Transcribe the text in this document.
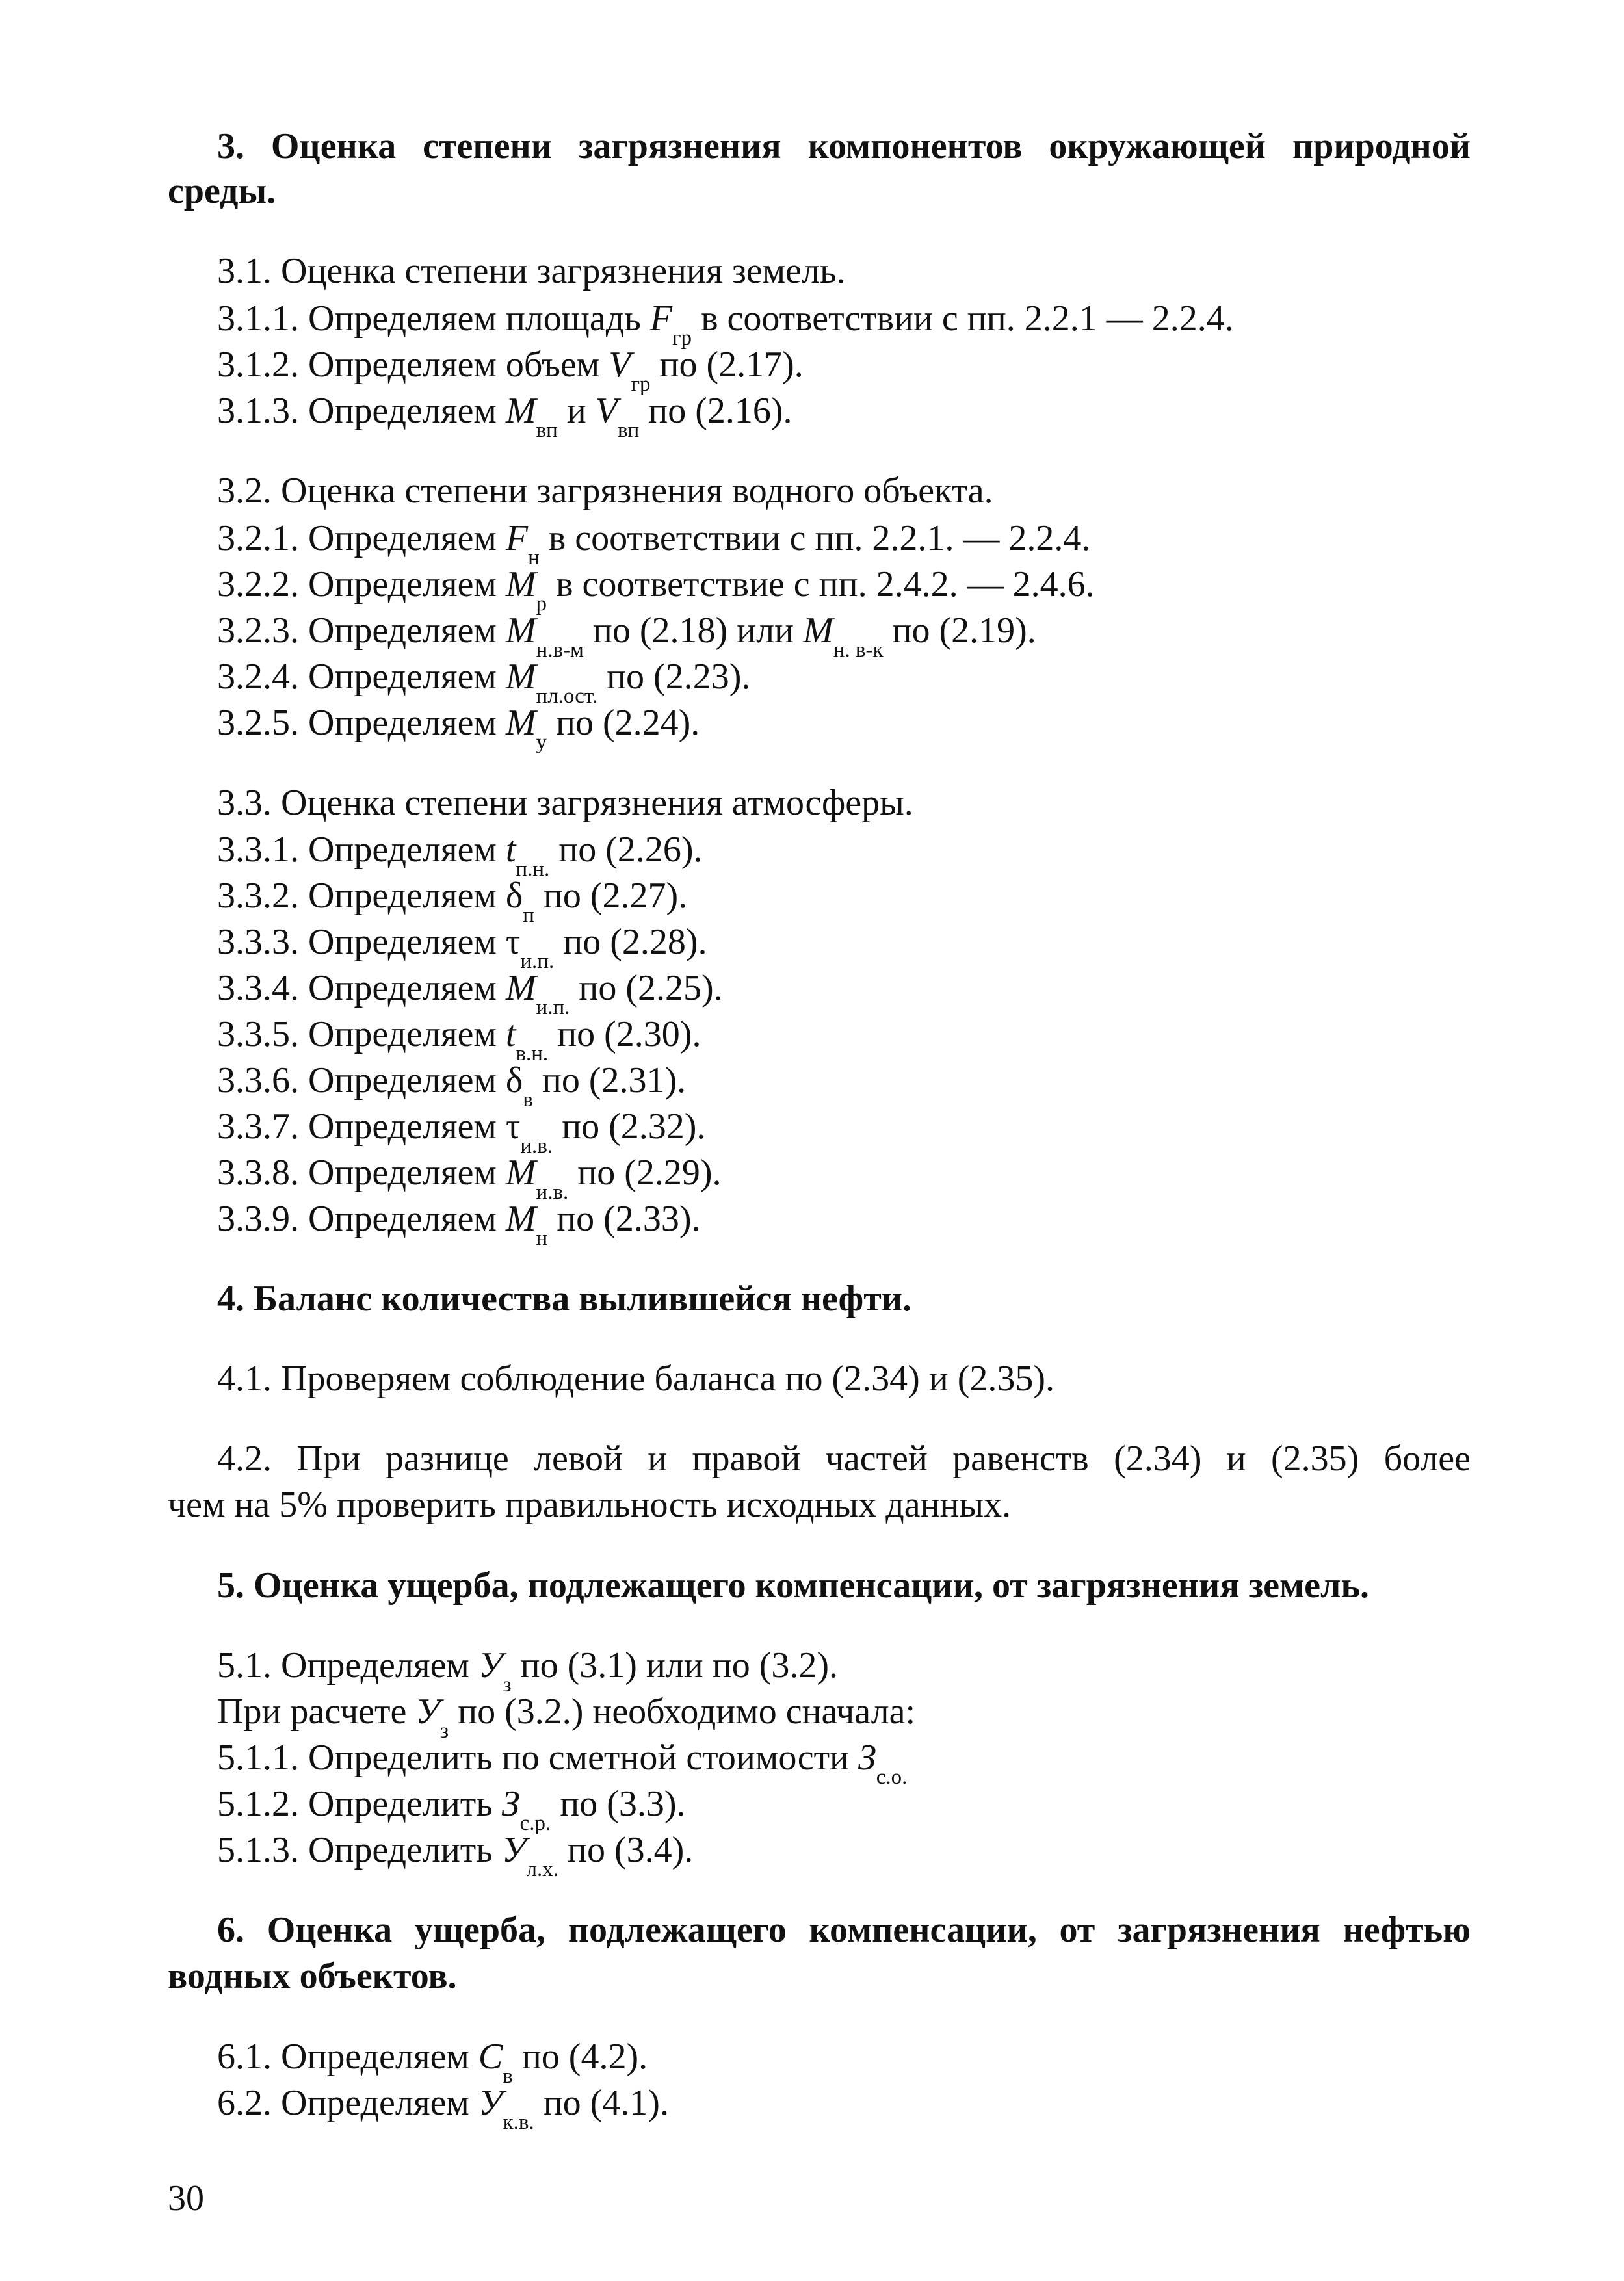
3. Оценка степени загрязнения компонентов окружающей природной
среды.
3.1. Оценка степени загрязнения земель.
3.1.1. Определяем площадь $F_{гр}$ в соответствии с пп. 2.2.1 — 2.2.4.
3.1.2. Определяем объем $V_{гр}$ по (2.17).
3.1.3. Определяем $M_{вп}$ и $V_{вп}$ по (2.16).
3.2. Оценка степени загрязнения водного объекта.
3.2.1. Определяем $F_н$ в соответствии с пп. 2.2.1. — 2.2.4.
3.2.2. Определяем $M_р$ в соответствие с пп. 2.4.2. — 2.4.6.
3.2.3. Определяем $M_{н.в-м}$ по (2.18) или $M_{н. в-к}$ по (2.19).
3.2.4. Определяем $M_{пл.ост.}$ по (2.23).
3.2.5. Определяем $M_у$ по (2.24).
3.3. Оценка степени загрязнения атмосферы.
3.3.1. Определяем $t_{п.н.}$ по (2.26).
3.3.2. Определяем $\delta_п$ по (2.27).
3.3.3. Определяем $\tau_{и.п.}$ по (2.28).
3.3.4. Определяем $M_{и.п.}$ по (2.25).
3.3.5. Определяем $t_{в.н.}$ по (2.30).
3.3.6. Определяем $\delta_в$ по (2.31).
3.3.7. Определяем $\tau_{и.в.}$ по (2.32).
3.3.8. Определяем $M_{и.в.}$ по (2.29).
3.3.9. Определяем $M_н$ по (2.33).
4. Баланс количества вылившейся нефти.
4.1. Проверяем соблюдение баланса по (2.34) и (2.35).
4.2. При разнице левой и правой частей равенств (2.34) и (2.35) более
чем на 5% проверить правильность исходных данных.
5. Оценка ущерба, подлежащего компенсации, от загрязнения земель.
5.1. Определяем $У_з$ по (3.1) или по (3.2).
При расчете $У_з$ по (3.2.) необходимо сначала:
5.1.1. Определить по сметной стоимости $З_{с.о.}$
5.1.2. Определить $З_{с.р.}$ по (3.3).
5.1.3. Определить $У_{л.х.}$ по (3.4).
6. Оценка ущерба, подлежащего компенсации, от загрязнения нефтью
водных объектов.
6.1. Определяем $С_в$ по (4.2).
6.2. Определяем $У_{к.в.}$ по (4.1).
30
